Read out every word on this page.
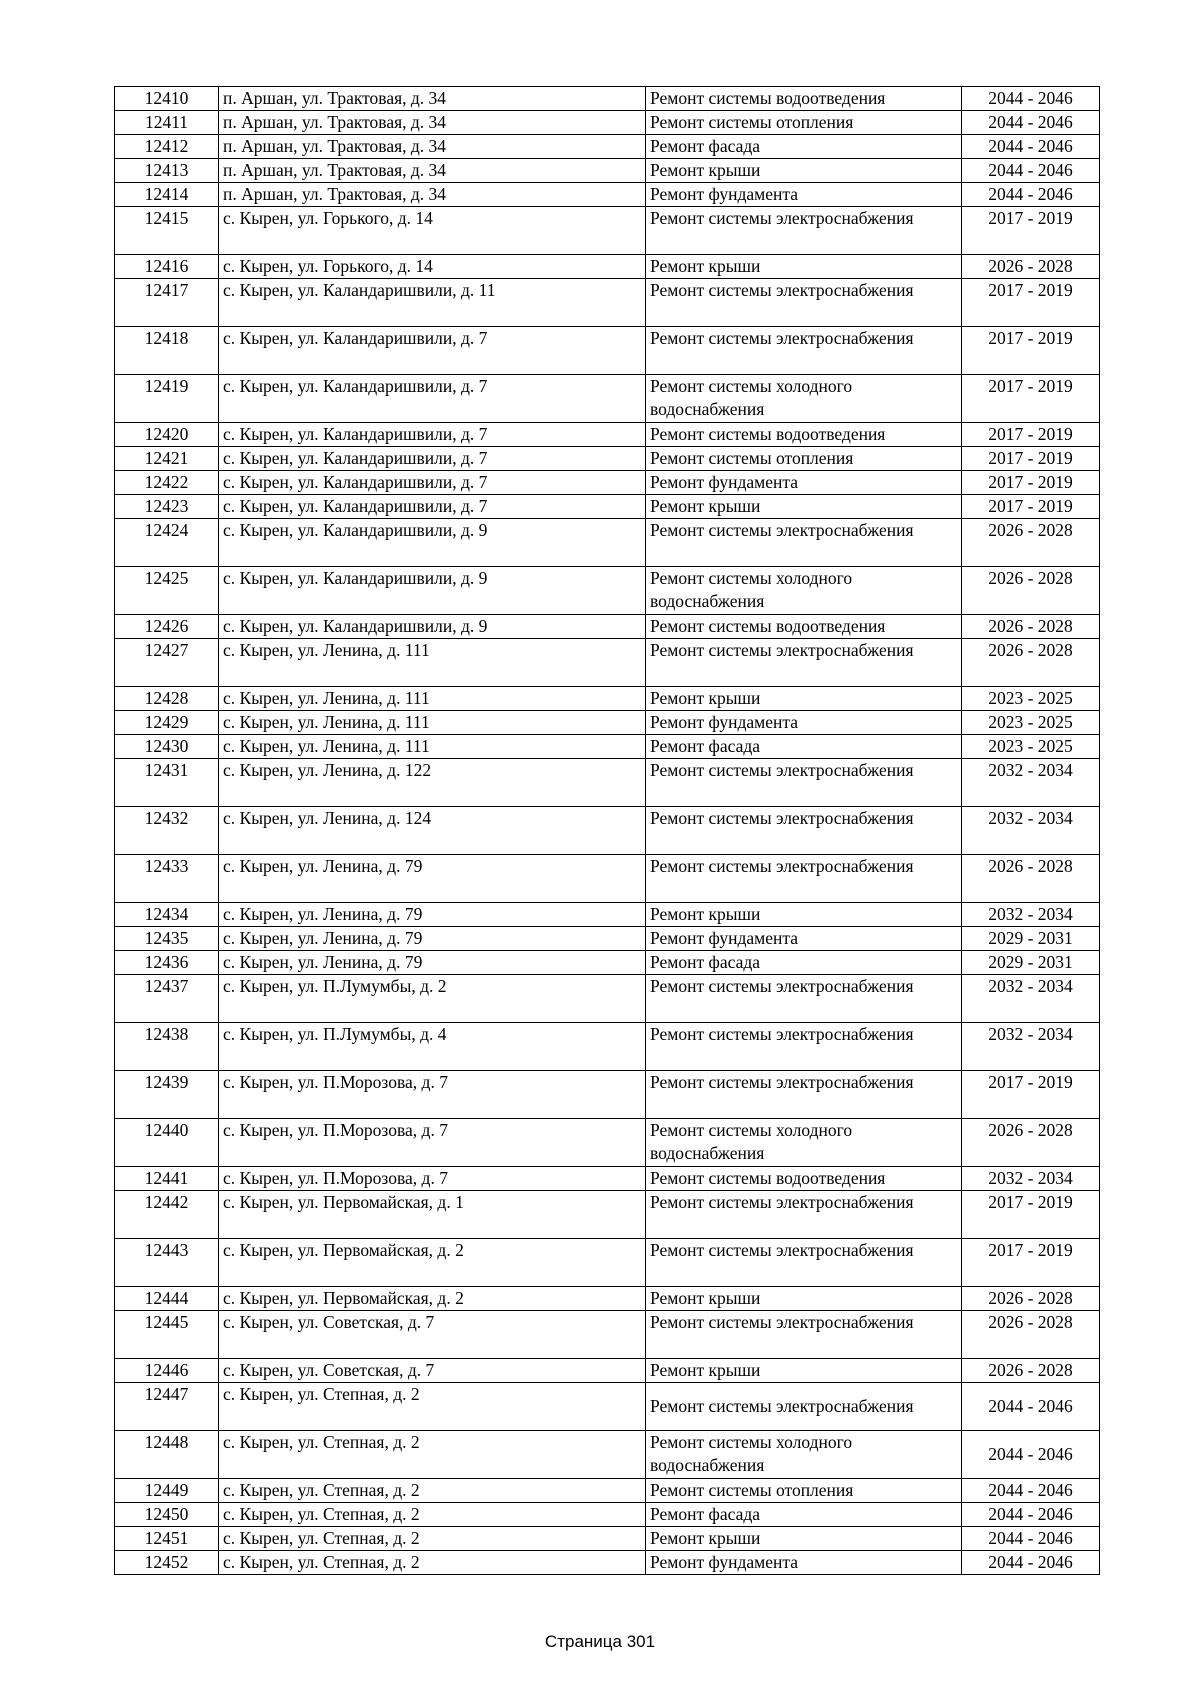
12410	п. Аршан, ул. Трактовая, д. 34	Ремонт системы водоотведения	2044 - 2046
12411	п. Аршан, ул. Трактовая, д. 34	Ремонт системы отопления	2044 - 2046
12412	п. Аршан, ул. Трактовая, д. 34	Ремонт фасада	2044 - 2046
12413	п. Аршан, ул. Трактовая, д. 34	Ремонт крыши	2044 - 2046
12414	п. Аршан, ул. Трактовая, д. 34	Ремонт фундамента	2044 - 2046
12415	с. Кырен, ул. Горького, д. 14	Ремонт системы электроснабжения	2017 - 2019
12416	с. Кырен, ул. Горького, д. 14	Ремонт крыши	2026 - 2028
12417	с. Кырен, ул. Каландаришвили, д. 11	Ремонт системы электроснабжения	2017 - 2019
12418	с. Кырен, ул. Каландаришвили, д. 7	Ремонт системы электроснабжения	2017 - 2019
12419	с. Кырен, ул. Каландаришвили, д. 7	Ремонт системы холодного водоснабжения	2017 - 2019
12420	с. Кырен, ул. Каландаришвили, д. 7	Ремонт системы водоотведения	2017 - 2019
12421	с. Кырен, ул. Каландаришвили, д. 7	Ремонт системы отопления	2017 - 2019
12422	с. Кырен, ул. Каландаришвили, д. 7	Ремонт фундамента	2017 - 2019
12423	с. Кырен, ул. Каландаришвили, д. 7	Ремонт крыши	2017 - 2019
12424	с. Кырен, ул. Каландаришвили, д. 9	Ремонт системы электроснабжения	2026 - 2028
12425	с. Кырен, ул. Каландаришвили, д. 9	Ремонт системы холодного водоснабжения	2026 - 2028
12426	с. Кырен, ул. Каландаришвили, д. 9	Ремонт системы водоотведения	2026 - 2028
12427	с. Кырен, ул. Ленина, д. 111	Ремонт системы электроснабжения	2026 - 2028
12428	с. Кырен, ул. Ленина, д. 111	Ремонт крыши	2023 - 2025
12429	с. Кырен, ул. Ленина, д. 111	Ремонт фундамента	2023 - 2025
12430	с. Кырен, ул. Ленина, д. 111	Ремонт фасада	2023 - 2025
12431	с. Кырен, ул. Ленина, д. 122	Ремонт системы электроснабжения	2032 - 2034
12432	с. Кырен, ул. Ленина, д. 124	Ремонт системы электроснабжения	2032 - 2034
12433	с. Кырен, ул. Ленина, д. 79	Ремонт системы электроснабжения	2026 - 2028
12434	с. Кырен, ул. Ленина, д. 79	Ремонт крыши	2032 - 2034
12435	с. Кырен, ул. Ленина, д. 79	Ремонт фундамента	2029 - 2031
12436	с. Кырен, ул. Ленина, д. 79	Ремонт фасада	2029 - 2031
12437	с. Кырен, ул. П.Лумумбы, д. 2	Ремонт системы электроснабжения	2032 - 2034
12438	с. Кырен, ул. П.Лумумбы, д. 4	Ремонт системы электроснабжения	2032 - 2034
12439	с. Кырен, ул. П.Морозова, д. 7	Ремонт системы электроснабжения	2017 - 2019
12440	с. Кырен, ул. П.Морозова, д. 7	Ремонт системы холодного водоснабжения	2026 - 2028
12441	с. Кырен, ул. П.Морозова, д. 7	Ремонт системы водоотведения	2032 - 2034
12442	с. Кырен, ул. Первомайская, д. 1	Ремонт системы электроснабжения	2017 - 2019
12443	с. Кырен, ул. Первомайская, д. 2	Ремонт системы электроснабжения	2017 - 2019
12444	с. Кырен, ул. Первомайская, д. 2	Ремонт крыши	2026 - 2028
12445	с. Кырен, ул. Советская, д. 7	Ремонт системы электроснабжения	2026 - 2028
12446	с. Кырен, ул. Советская, д. 7	Ремонт крыши	2026 - 2028
12447	с. Кырен, ул. Степная, д. 2	Ремонт системы электроснабжения	2044 - 2046
12448	с. Кырен, ул. Степная, д. 2	Ремонт системы холодного водоснабжения	2044 - 2046
12449	с. Кырен, ул. Степная, д. 2	Ремонт системы отопления	2044 - 2046
12450	с. Кырен, ул. Степная, д. 2	Ремонт фасада	2044 - 2046
12451	с. Кырен, ул. Степная, д. 2	Ремонт крыши	2044 - 2046
12452	с. Кырен, ул. Степная, д. 2	Ремонт фундамента	2044 - 2046
Страница 301
